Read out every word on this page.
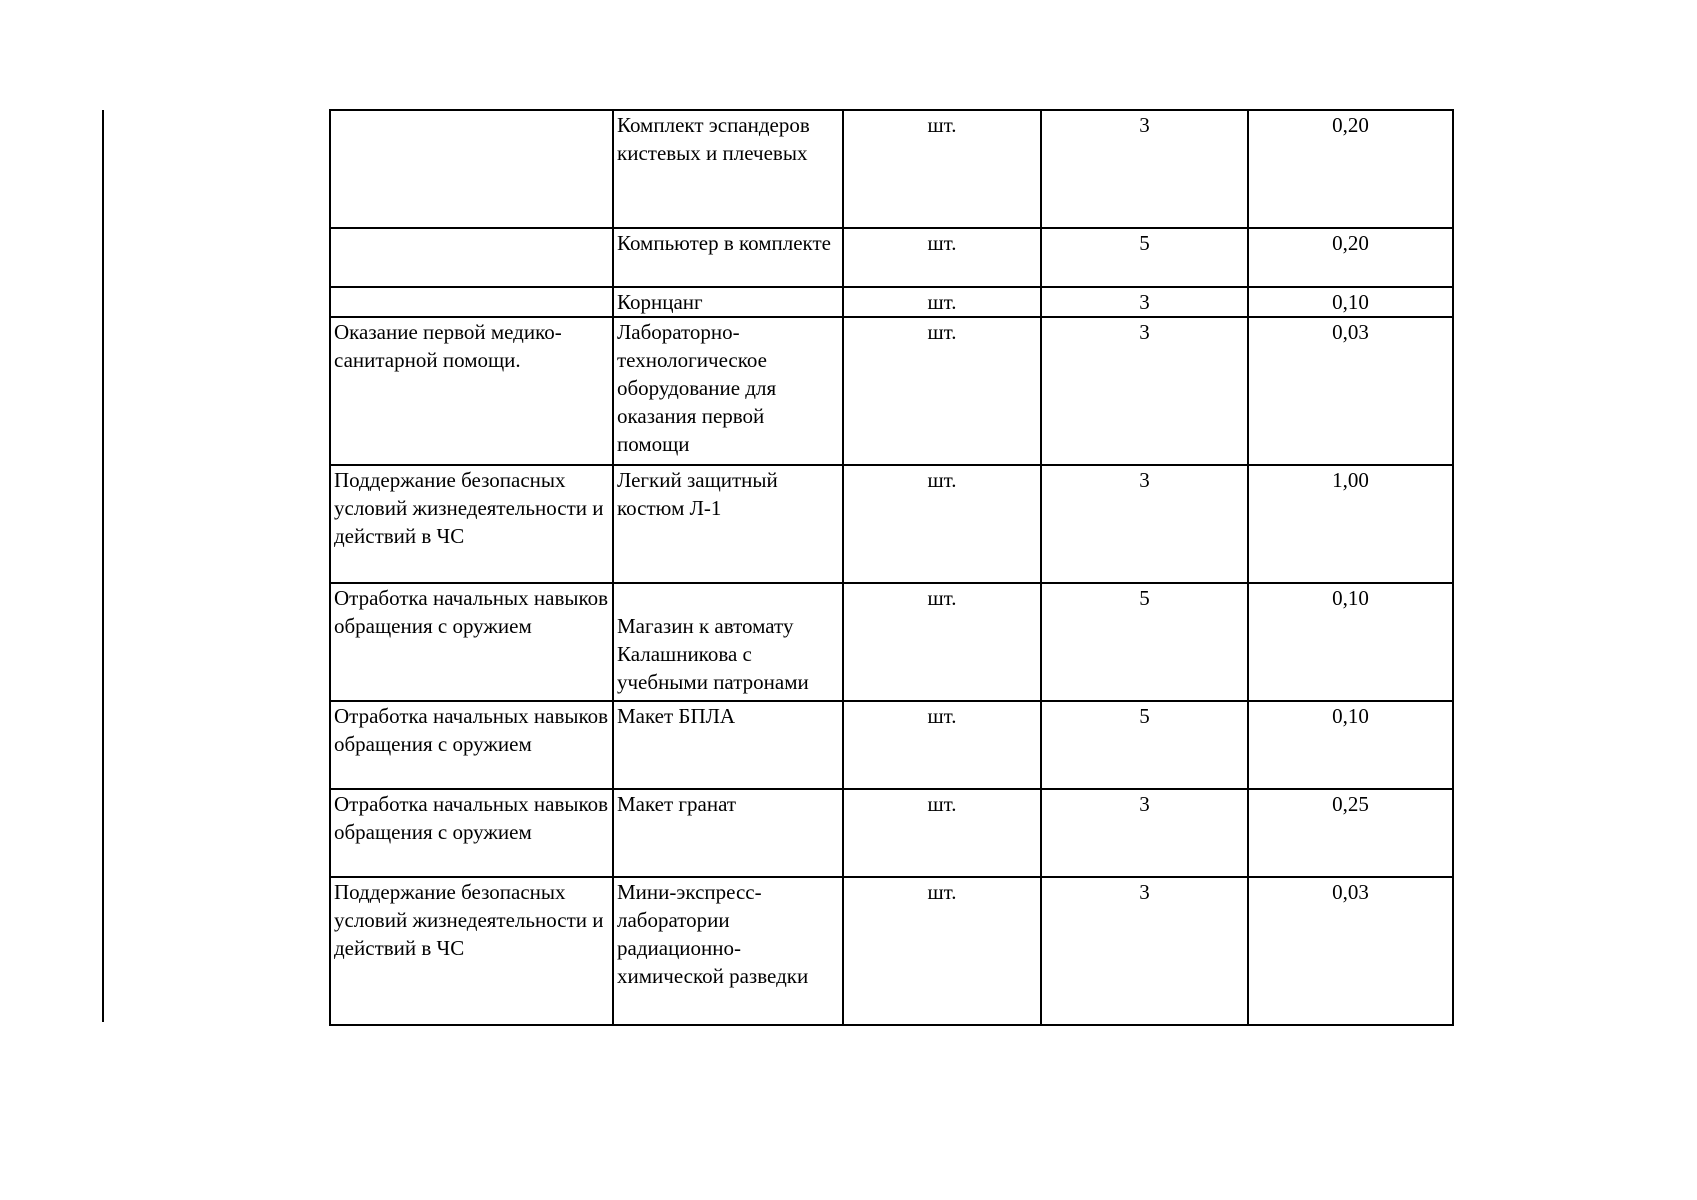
	Комплект эспандеров кистевых и плечевых	шт.	3	0,20
	Компьютер в комплекте	шт.	5	0,20
	Корнцанг	шт.	3	0,10
Оказание первой медико-санитарной помощи.	Лабораторно-технологическое оборудование для оказания первой помощи	шт.	3	0,03
Поддержание безопасных условий жизнедеятельности и действий в ЧС	Легкий защитный костюм Л-1	шт.	3	1,00
Отработка начальных навыков обращения с оружием	Магазин к автомату Калашникова с учебными патронами	шт.	5	0,10
Отработка начальных навыков обращения с оружием	Макет БПЛА	шт.	5	0,10
Отработка начальных навыков обращения с оружием	Макет гранат	шт.	3	0,25
Поддержание безопасных условий жизнедеятельности и действий в ЧС	Мини-экспресс-лаборатории радиационно-химической разведки	шт.	3	0,03
